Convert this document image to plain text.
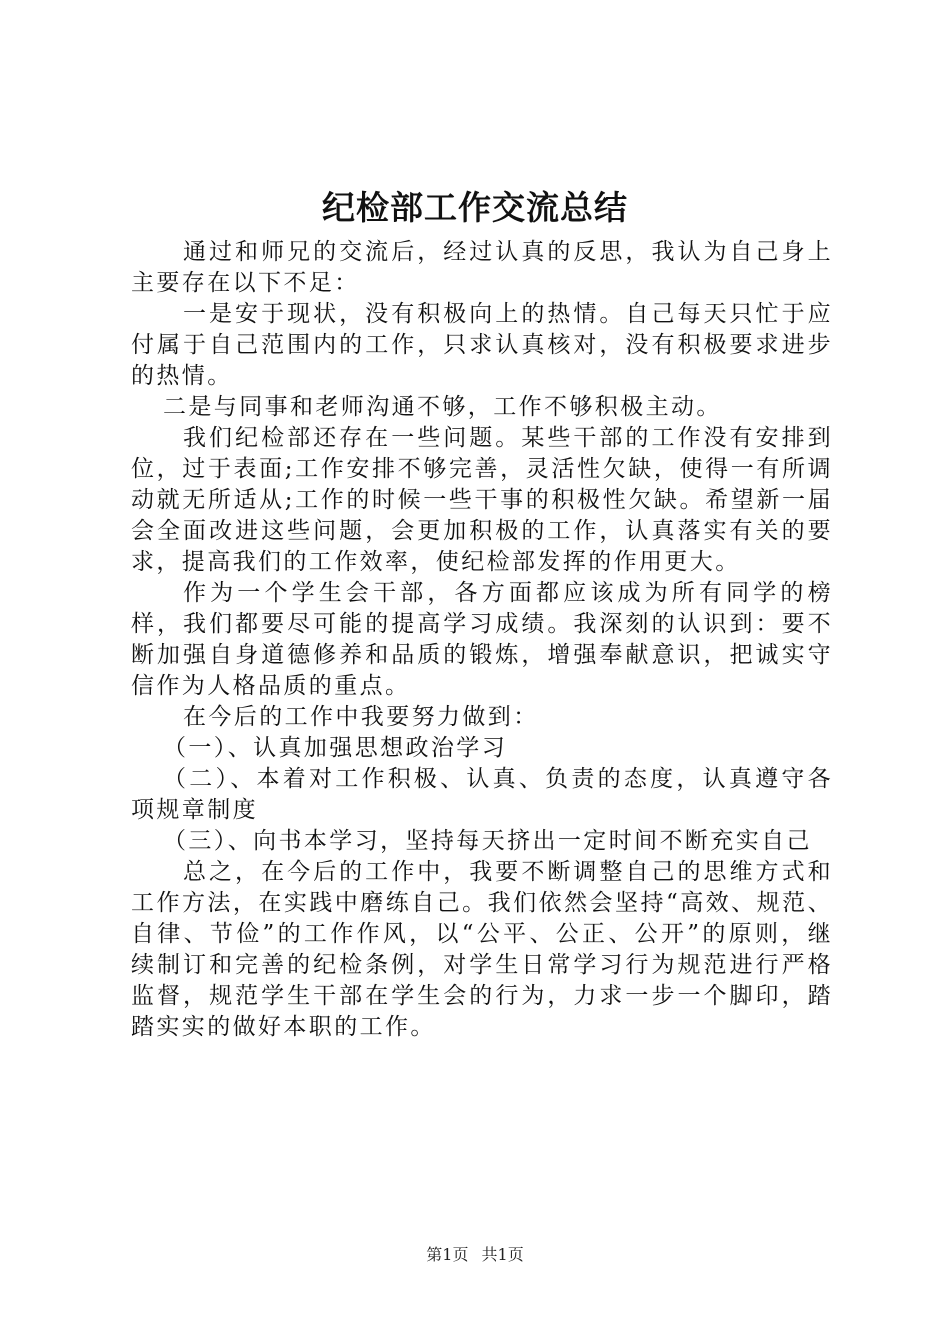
纪检部工作交流总结

通过和师兄的交流后，经过认真的反思，我认为自己身上主要存在以下不足：

一是安于现状，没有积极向上的热情。自己每天只忙于应付属于自己范围内的工作，只求认真核对，没有积极要求进步的热情。

二是与同事和老师沟通不够，工作不够积极主动。

我们纪检部还存在一些问题。某些干部的工作没有安排到位，过于表面;工作安排不够完善，灵活性欠缺，使得一有所调动就无所适从;工作的时候一些干事的积极性欠缺。希望新一届会全面改进这些问题，会更加积极的工作，认真落实有关的要求，提高我们的工作效率，使纪检部发挥的作用更大。

作为一个学生会干部，各方面都应该成为所有同学的榜样，我们都要尽可能的提高学习成绩。我深刻的认识到：要不断加强自身道德修养和品质的锻炼，增强奉献意识，把诚实守信作为人格品质的重点。

在今后的工作中我要努力做到：

（一）、认真加强思想政治学习

（二）、本着对工作积极、认真、负责的态度，认真遵守各项规章制度

（三）、向书本学习，坚持每天挤出一定时间不断充实自己

总之，在今后的工作中，我要不断调整自己的思维方式和工作方法，在实践中磨练自己。我们依然会坚持“高效、规范、自律、节俭”的工作作风，以“公平、公正、公开”的原则，继续制订和完善的纪检条例，对学生日常学习行为规范进行严格监督，规范学生干部在学生会的行为，力求一步一个脚印，踏踏实实的做好本职的工作。

第1页 共1页
